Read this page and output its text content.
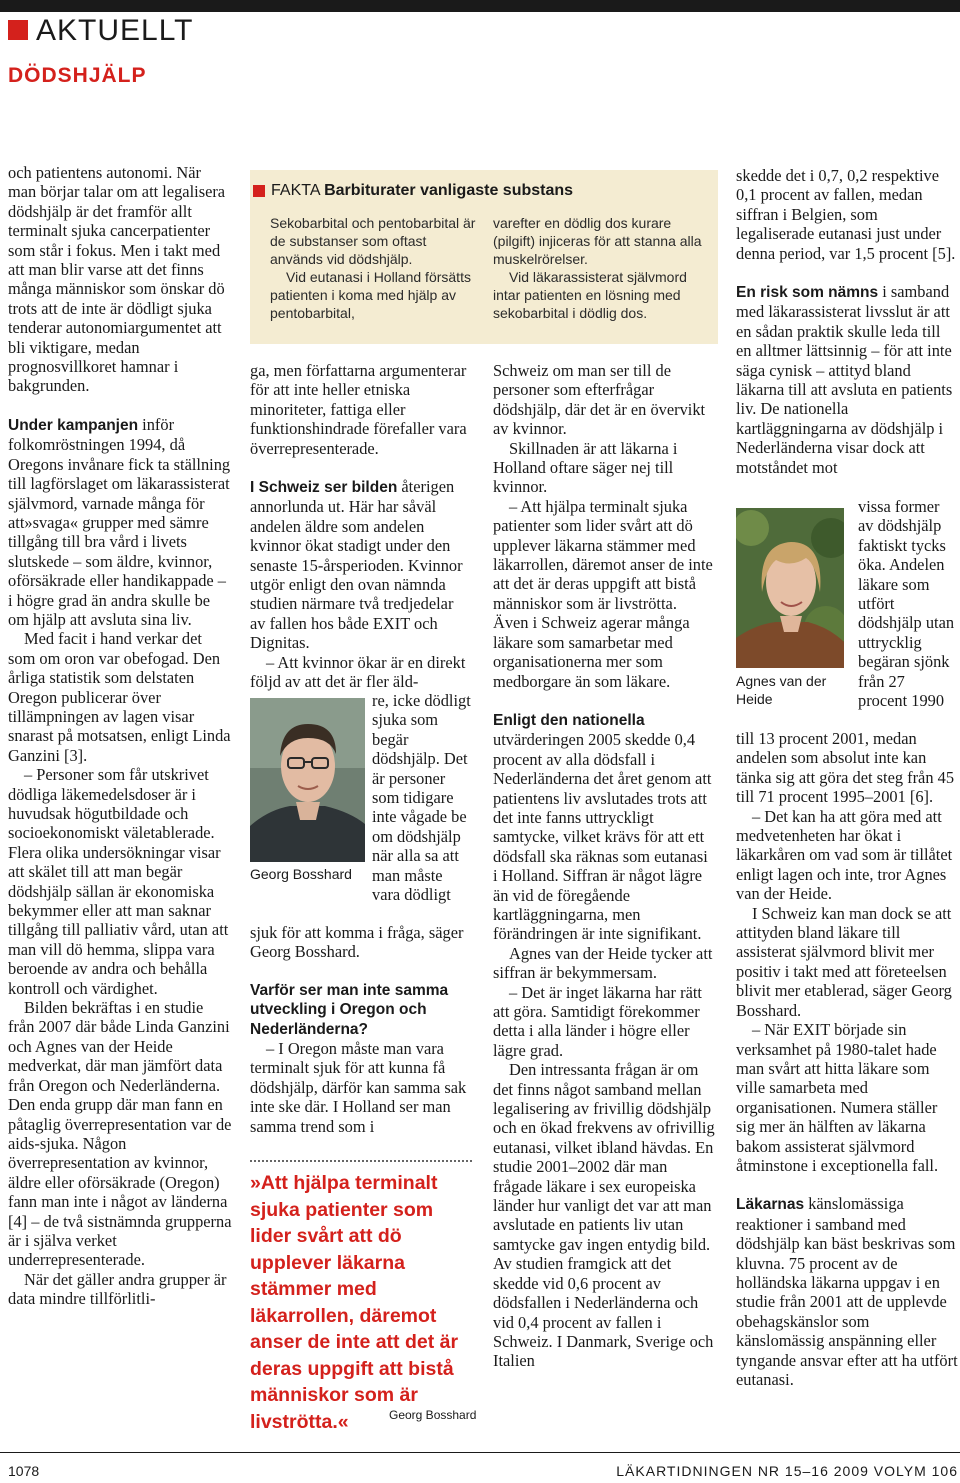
AKTUELLT
DÖDSHJÄLP

och patientens autonomi. När man börjar talar om att legalisera dödshjälp är det framför allt terminalt sjuka cancerpatienter som står i fokus. Men i takt med att man blir varse att det finns många människor som önskar dö trots att de inte är dödligt sjuka tenderar autonomiargumentet att bli viktigare, medan prognosvillkoret hamnar i bakgrunden.

Under kampanjen inför folkomröstningen 1994, då Oregons invånare fick ta ställning till lagförslaget om läkarassisterat självmord, varnade många för att»svaga« grupper med sämre tillgång till bra vård i livets slutskede – som äldre, kvinnor, oförsäkrade eller handikappade – i högre grad än andra skulle be om hjälp att avsluta sina liv.

Med facit i hand verkar det som om oron var obefogad. Den årliga statistik som delstaten Oregon publicerar över tillämpningen av lagen visar snarast på motsatsen, enligt Linda Ganzini [3].

– Personer som får utskrivet dödliga läkemedelsdoser är i huvudsak högutbildade och socioekonomiskt väletablerade. Flera olika undersökningar visar att skälet till att man begär dödshjälp sällan är ekonomiska bekymmer eller att man saknar tillgång till palliativ vård, utan att man vill dö hemma, slippa vara beroende av andra och behålla kontroll och värdighet.

Bilden bekräftas i en studie från 2007 där både Linda Ganzini och Agnes van der Heide medverkat, där man jämfört data från Oregon och Nederländerna. Den enda grupp där man fann en påtaglig överrepresentation var de aids-sjuka. Någon överrepresentation av kvinnor, äldre eller oförsäkrade (Oregon) fann man inte i något av länderna [4] – de två sistnämnda grupperna är i själva verket underrepresenterade.

När det gäller andra grupper är data mindre tillförlitli-

FAKTA Barbiturater vanligaste substans

Sekobarbital och pentobarbital är de substanser som oftast används vid dödshjälp.

Vid eutanasi i Holland försätts patienten i koma med hjälp av pentobarbital,

varefter en dödlig dos kurare (pilgift) injiceras för att stanna alla muskelrörelser.

Vid läkarassisterat självmord intar patienten en lösning med sekobarbital i dödlig dos.

ga, men författarna argumenterar för att inte heller etniska minoriteter, fattiga eller funktionshindrade förefaller vara överrepresenterade.

I Schweiz ser bilden återigen annorlunda ut. Här har såväl andelen äldre som andelen kvinnor ökat stadigt under den senaste 15-årsperioden. Kvinnor utgör enligt den ovan nämnda studien närmare två tredjedelar av fallen hos både EXIT och Dignitas.

– Att kvinnor ökar är en direkt följd av att det är fler äld-

re, icke dödligt sjuka som begär dödshjälp. Det är personer som tidigare inte vågade be om dödshjälp när alla sa att man måste vara dödligt

Georg Bosshard

sjuk för att komma i fråga, säger Georg Bosshard.

Varför ser man inte samma utveckling i Oregon och Nederländerna?

– I Oregon måste man vara terminalt sjuk för att kunna få dödshjälp, därför kan samma sak inte ske där. I Holland ser man samma trend som i

»Att hjälpa terminalt sjuka patienter som lider svårt att dö upplever läkarna stämmer med läkarrollen, däremot anser de inte att det är deras uppgift att bistå människor som är livströtta.«	Georg Bosshard

Schweiz om man ser till de personer som efterfrågar dödshjälp, där det är en övervikt av kvinnor.

Skillnaden är att läkarna i Holland oftare säger nej till kvinnor.

– Att hjälpa terminalt sjuka patienter som lider svårt att dö upplever läkarna stämmer med läkarrollen, däremot anser de inte att det är deras uppgift att bistå människor som är livströtta. Även i Schweiz agerar många läkare som samarbetar med organisationerna mer som medborgare än som läkare.

Enligt den nationella utvärderingen 2005 skedde 0,4 procent av alla dödsfall i Nederländerna det året genom att patientens liv avslutades trots att det inte fanns uttryckligt samtycke, vilket krävs för att ett dödsfall ska räknas som eutanasi i Holland. Siffran är något lägre än vid de föregående kartläggningarna, men förändringen är inte signifikant.

Agnes van der Heide tycker att siffran är bekymmersam.

– Det är inget läkarna har rätt att göra. Samtidigt förekommer detta i alla länder i högre eller lägre grad.

Den intressanta frågan är om det finns något samband mellan legalisering av frivillig dödshjälp och en ökad frekvens av ofrivillig eutanasi, vilket ibland hävdas. En studie 2001–2002 där man frågade läkare i sex europeiska länder hur vanligt det var att man avslutade en patients liv utan samtycke gav ingen entydig bild. Av studien framgick att det skedde vid 0,6 procent av dödsfallen i Nederländerna och vid 0,4 procent av fallen i Schweiz. I Danmark, Sverige och Italien

skedde det i 0,7, 0,2 respektive 0,1 procent av fallen, medan siffran i Belgien, som legaliserade eutanasi just under denna period, var 1,5 procent [5].

En risk som nämns i samband med läkarassisterat livsslut är att en sådan praktik skulle leda till en alltmer lättsinnig – för att inte säga cynisk – attityd bland läkarna till att avsluta en patients liv. De nationella kartläggningarna av dödshjälp i Nederländerna visar dock att motståndet mot

vissa former av dödshjälp faktiskt tycks öka. Andelen läkare som utfört dödshjälp utan uttrycklig begäran sjönk från 27 procent 1990

Agnes van der Heide

till 13 procent 2001, medan andelen som absolut inte kan tänka sig att göra det steg från 45 till 71 procent 1995–2001 [6].

– Det kan ha att göra med att medvetenheten har ökat i läkarkåren om vad som är tillåtet enligt lagen och inte, tror Agnes van der Heide.

I Schweiz kan man dock se att attityden bland läkare till assisterat självmord blivit mer positiv i takt med att företeelsen blivit mer etablerad, säger Georg Bosshard.

– När EXIT började sin verksamhet på 1980-talet hade man svårt att hitta läkare som ville samarbeta med organisationen. Numera ställer sig mer än hälften av läkarna bakom assisterat självmord åtminstone i exceptionella fall.

Läkarnas känslomässiga reaktioner i samband med dödshjälp kan bäst beskrivas som kluvna. 75 procent av de holländska läkarna uppgav i en studie från 2001 att de upplevde obehagskänslor som känslomässig anspänning eller tyngande ansvar efter att ha utfört eutanasi.

1078	LÄKARTIDNINGEN NR 15–16 2009 VOLYM 106
